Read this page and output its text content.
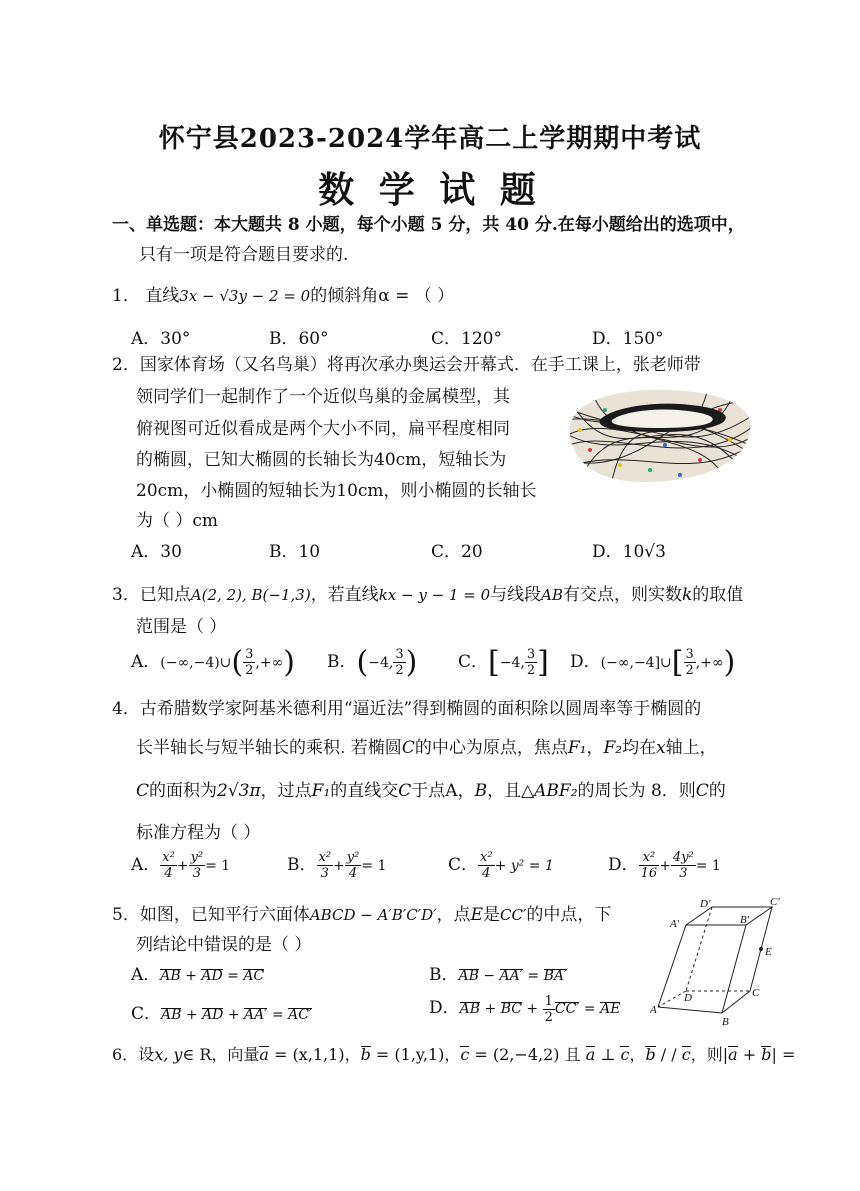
怀宁县2023-2024学年高二上学期期中考试
数 学 试 题
一、单选题：本大题共 8 小题，每个小题 5 分，共 40 分.在每小题给出的选项中，
只有一项是符合题目要求的.
1． 直线3x − √3y − 2 = 0的倾斜角α = （ ）
A．30°	B．60°	C．120°	D．150°
2．国家体育场（又名鸟巢）将再次承办奥运会开幕式．在手工课上，张老师带
领同学们一起制作了一个近似鸟巢的金属模型，其
俯视图可近似看成是两个大小不同，扁平程度相同
的椭圆，已知大椭圆的长轴长为40cm，短轴长为
20cm，小椭圆的短轴长为10cm，则小椭圆的长轴长
为（ ）cm
A．30	B．10	C．20	D．10√3
3．已知点A(2, 2), B(−1,3)，若直线kx − y − 1 = 0与线段AB有交点，则实数k的取值
范围是（ ）
A．(−∞,−4)∪( $\frac{3}{2}$ ,+∞) B．(−4, $\frac{3}{2}$ ) C．[−4, $\frac{3}{2}$ ] D．(−∞,−4]∪[ $\frac{3}{2}$ ,+∞)
4．古希腊数学家阿基米德利用“逼近法”得到椭圆的面积除以圆周率等于椭圆的
长半轴长与短半轴长的乘积. 若椭圆C的中心为原点，焦点F₁，F₂均在x轴上，
C的面积为2√3π，过点F₁的直线交C于点A，B，且△ABF₂的周长为 8．则C的
标准方程为（ ）
A． $\frac{\text{x²}}{4} + \frac{\text{y²}}{3} = 1$	B． $\frac{\text{x²}}{3} + \frac{\text{y²}}{4} = 1$	C． $\frac{\text{x²}}{4} + y^2 = 1$	D． $\frac{\text{x²}}{16} + \frac{\text{4y²}}{3} = 1$
5．如图，已知平行六面体ABCD − A′B′C′D′，点E是CC′的中点，下
列结论中错误的是（ ）
A．AB + AD = AC	B．AB − AA′ = BA′
C．AB + AD + AA′ = AC′	D．AB + BC + $\frac{1}{2} CC'$ = AE
A′
D′	C′
B′
E
A
D	C
B
6．设x, y∈ R，向量a = (x,1,1)，b = (1,y,1)，c = (2,−4,2) 且 a ⊥ c，b / / c，则|a + b| =
